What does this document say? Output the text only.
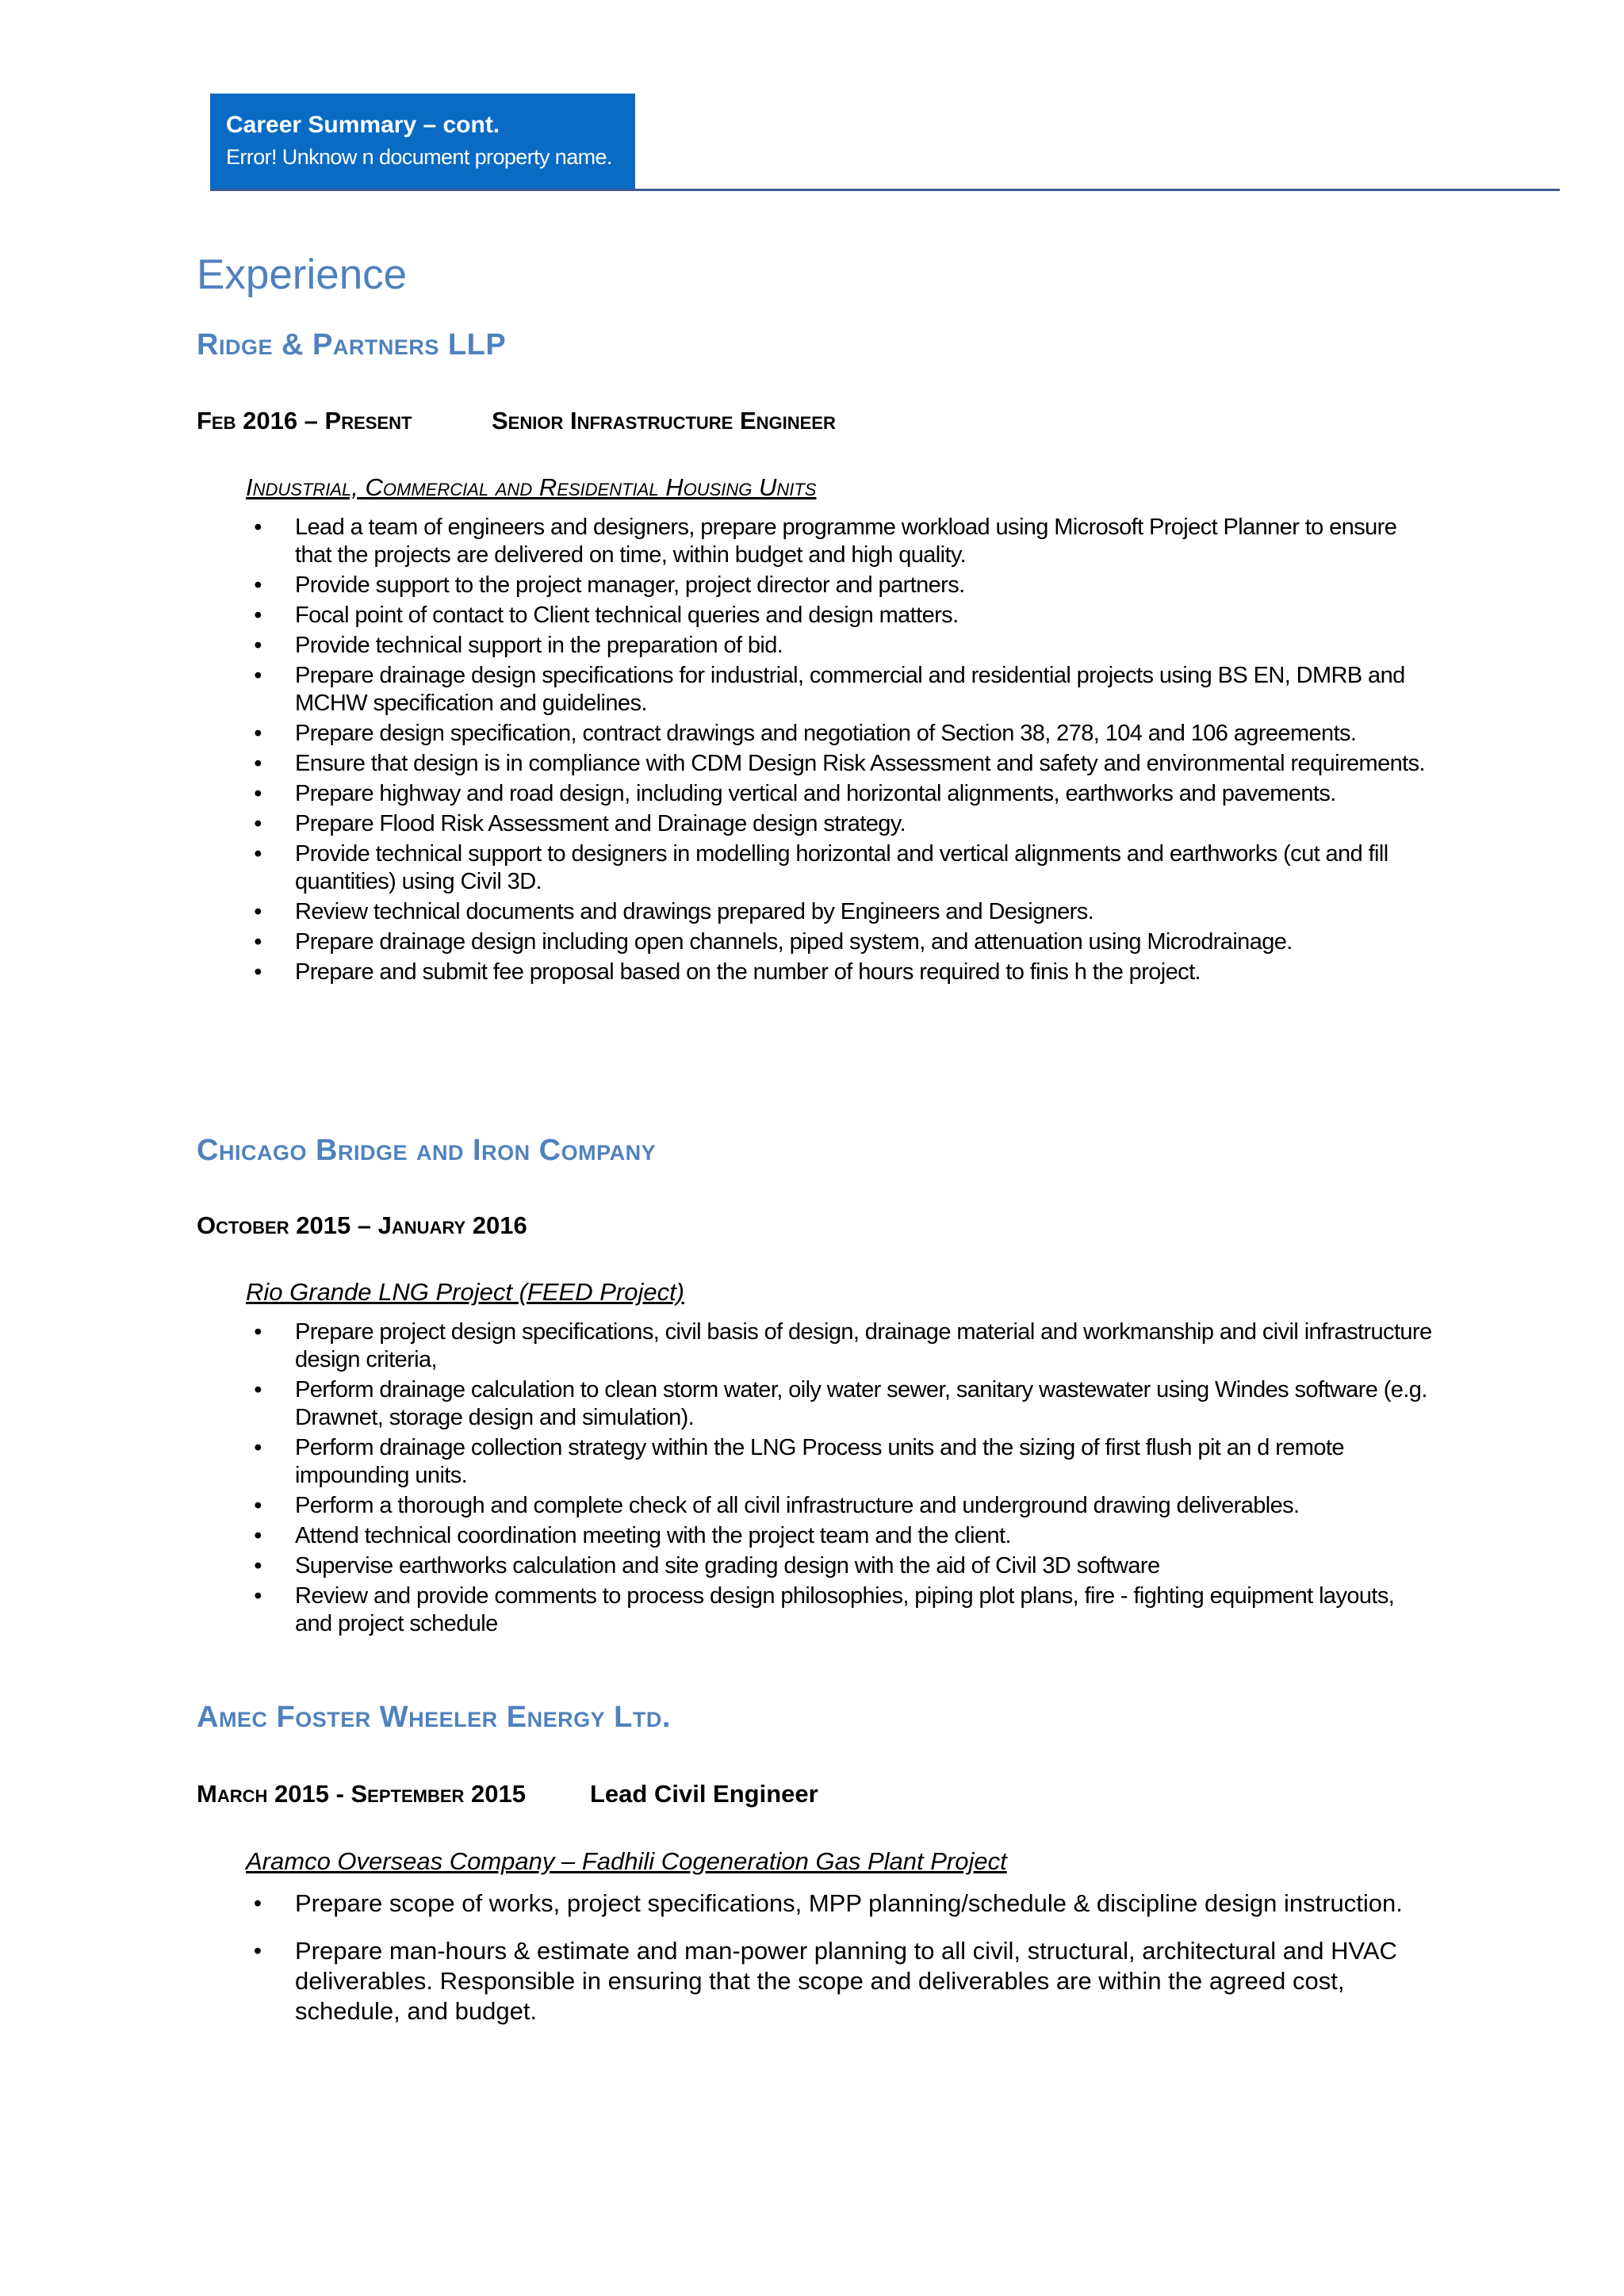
Career Summary – cont.
Error! Unknow n document property name.
Experience
Ridge & Partners LLP
Feb 2016 – Present	Senior Infrastructure Engineer
Industrial, Commercial and Residential Housing Units
•	Lead a team of engineers and designers, prepare programme workload using Microsoft Project Planner to ensure that the projects are delivered on time, within budget and high quality.
•	Provide support to the project manager, project director and partners.
•	Focal point of contact to Client technical queries and design matters.
•	Provide technical support in the preparation of bid.
•	Prepare drainage design specifications for industrial, commercial and residential projects using BS EN, DMRB and MCHW specification and guidelines.
•	Prepare design specification, contract drawings and negotiation of Section 38, 278, 104 and 106 agreements.
•	Ensure that design is in compliance with CDM Design Risk Assessment and safety and environmental requirements.
•	Prepare highway and road design, including vertical and horizontal alignments, earthworks and pavements.
•	Prepare Flood Risk Assessment and Drainage design strategy.
•	Provide technical support to designers in modelling horizontal and vertical alignments and earthworks (cut and fill quantities) using Civil 3D.
•	Review technical documents and drawings prepared by Engineers and Designers.
•	Prepare drainage design including open channels, piped system, and attenuation using Microdrainage.
•	Prepare and submit fee proposal based on the number of hours required to finis h the project.
Chicago Bridge and Iron Company
October 2015 – January 2016
Rio Grande LNG Project (FEED Project)
•	Prepare project design specifications, civil basis of design, drainage material and workmanship and civil infrastructure design criteria,
•	Perform drainage calculation to clean storm water, oily water sewer, sanitary wastewater using Windes software (e.g. Drawnet, storage design and simulation).
•	Perform drainage collection strategy within the LNG Process units and the sizing of first flush pit an d remote impounding units.
•	Perform a thorough and complete check of all civil infrastructure and underground drawing deliverables.
•	Attend technical coordination meeting with the project team and the client.
•	Supervise earthworks calculation and site grading design with the aid of Civil 3D software
•	Review and provide comments to process design philosophies, piping plot plans, fire - fighting equipment layouts, and project schedule
Amec Foster Wheeler Energy Ltd.
March 2015 - September 2015	Lead Civil Engineer
Aramco Overseas Company – Fadhili Cogeneration Gas Plant Project
•	Prepare scope of works, project specifications, MPP planning/schedule & discipline design instruction.
•	Prepare man-hours & estimate and man-power planning to all civil, structural, architectural and HVAC deliverables. Responsible in ensuring that the scope and deliverables are within the agreed cost, schedule, and budget.
